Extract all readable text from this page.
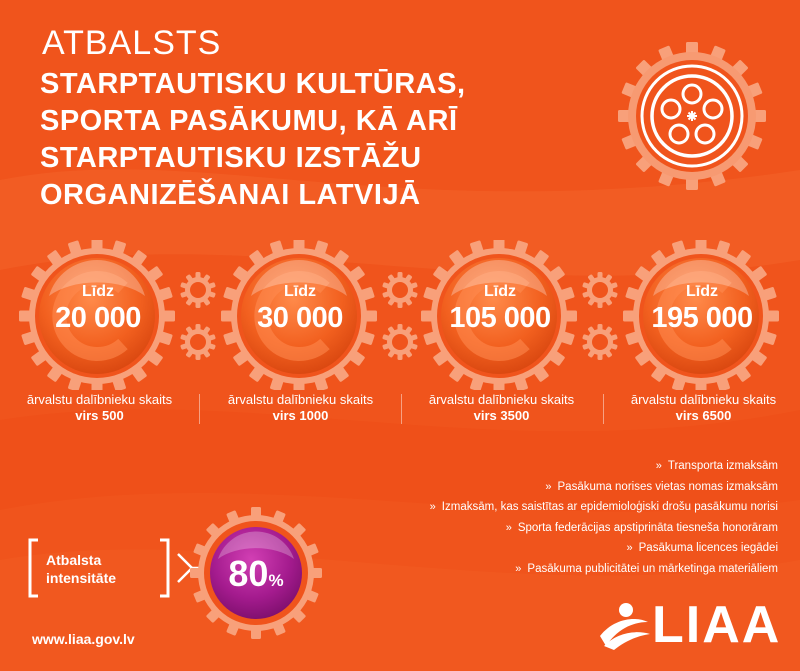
ATBALSTS
STARPTAUTISKU KULTŪRAS,
SPORTA PASĀKUMU, KĀ ARĪ
STARPTAUTISKU IZSTĀŽU
ORGANIZĒŠANAI LATVIJĀ
Līdz
20 000
Līdz
30 000
Līdz
105 000
Līdz
195 000
ārvalstu dalībnieku skaits
virs 500
ārvalstu dalībnieku skaits
virs 1000
ārvalstu dalībnieku skaits
virs 3500
ārvalstu dalībnieku skaits
virs 6500
» Transporta izmaksām
» Pasākuma norises vietas nomas izmaksām
» Izmaksām, kas saistītas ar epidemioloģiski drošu pasākumu norisi
» Sporta federācijas apstiprināta tiesneša honorāram
» Pasākuma licences iegādei
» Pasākuma publicitātei un mārketinga materiāliem
Atbalsta
intensitāte	80%
www.liaa.gov.lv	LIAA
